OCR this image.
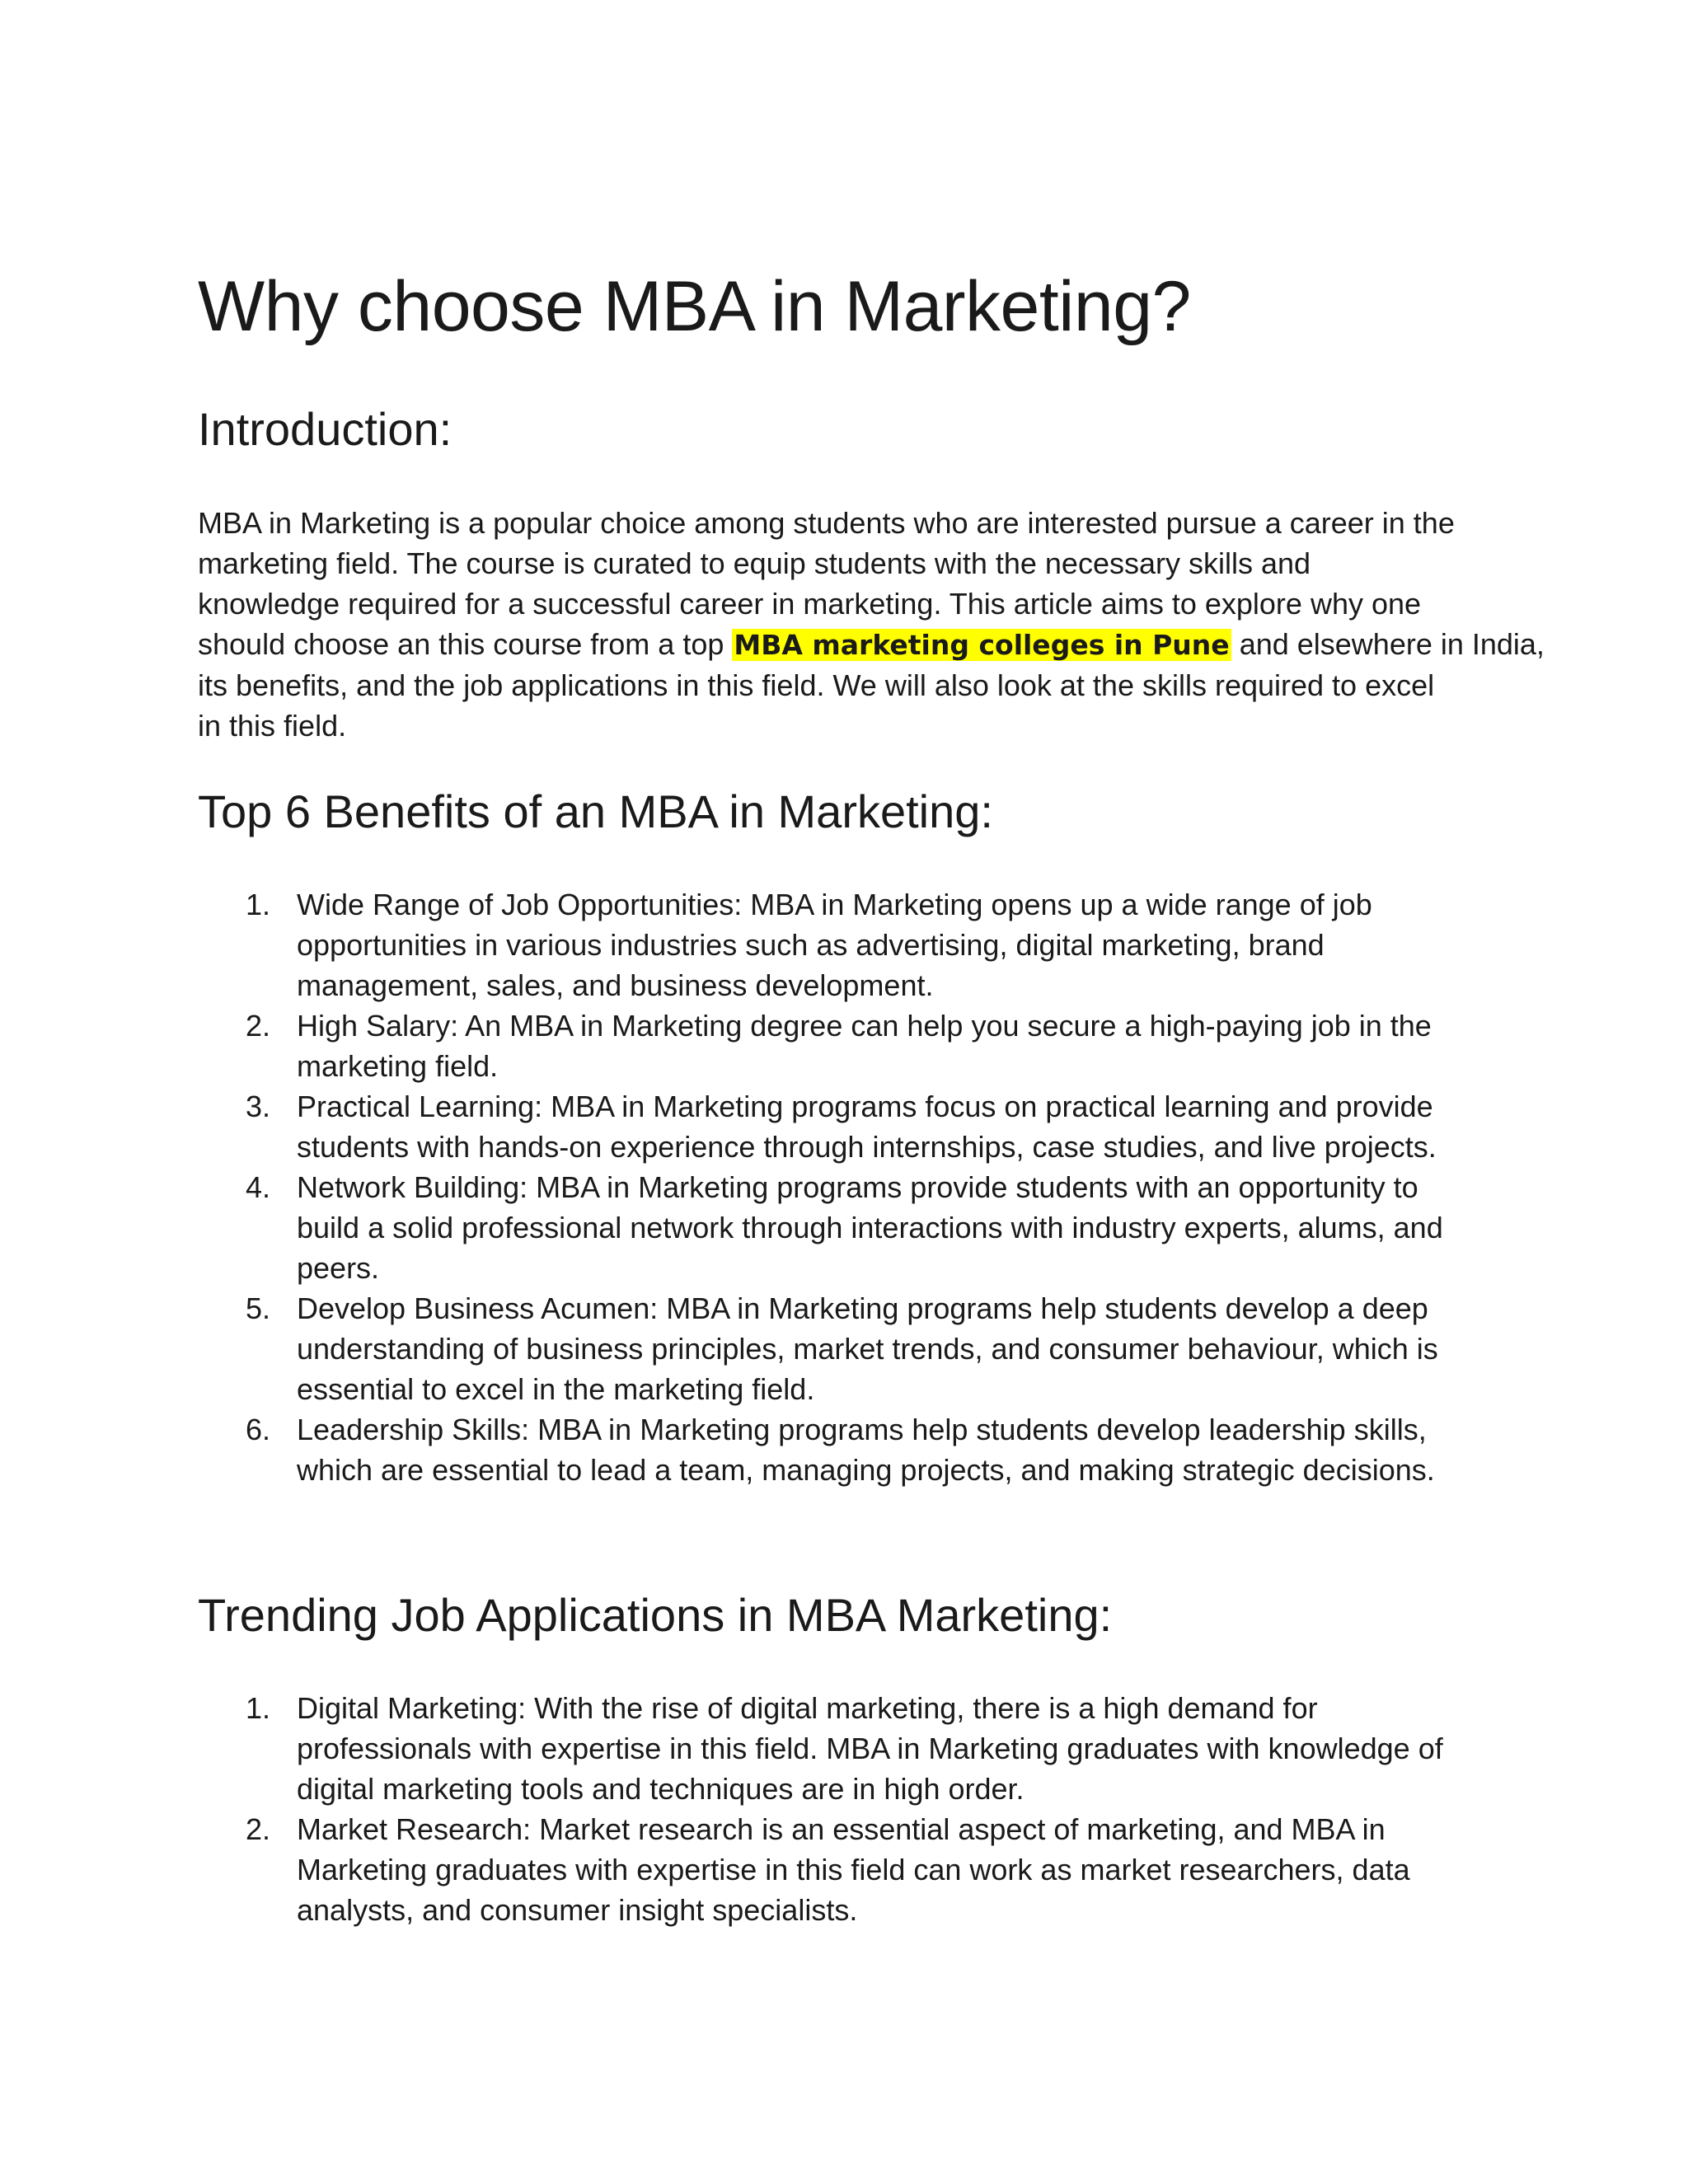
Why choose MBA in Marketing?
Introduction:

MBA in Marketing is a popular choice among students who are interested pursue a career in the
marketing field. The course is curated to equip students with the necessary skills and
knowledge required for a successful career in marketing. This article aims to explore why one
should choose an this course from a top MBA marketing colleges in Pune and elsewhere in India,
its benefits, and the job applications in this field. We will also look at the skills required to excel
in this field.

Top 6 Benefits of an MBA in Marketing:
1. Wide Range of Job Opportunities: MBA in Marketing opens up a wide range of job
opportunities in various industries such as advertising, digital marketing, brand
management, sales, and business development.
2. High Salary: An MBA in Marketing degree can help you secure a high-paying job in the
marketing field.
3. Practical Learning: MBA in Marketing programs focus on practical learning and provide
students with hands-on experience through internships, case studies, and live projects.
4. Network Building: MBA in Marketing programs provide students with an opportunity to
build a solid professional network through interactions with industry experts, alums, and
peers.
5. Develop Business Acumen: MBA in Marketing programs help students develop a deep
understanding of business principles, market trends, and consumer behaviour, which is
essential to excel in the marketing field.
6. Leadership Skills: MBA in Marketing programs help students develop leadership skills,
which are essential to lead a team, managing projects, and making strategic decisions.
Trending Job Applications in MBA Marketing:
1. Digital Marketing: With the rise of digital marketing, there is a high demand for
professionals with expertise in this field. MBA in Marketing graduates with knowledge of
digital marketing tools and techniques are in high order.
2. Market Research: Market research is an essential aspect of marketing, and MBA in
Marketing graduates with expertise in this field can work as market researchers, data
analysts, and consumer insight specialists.
